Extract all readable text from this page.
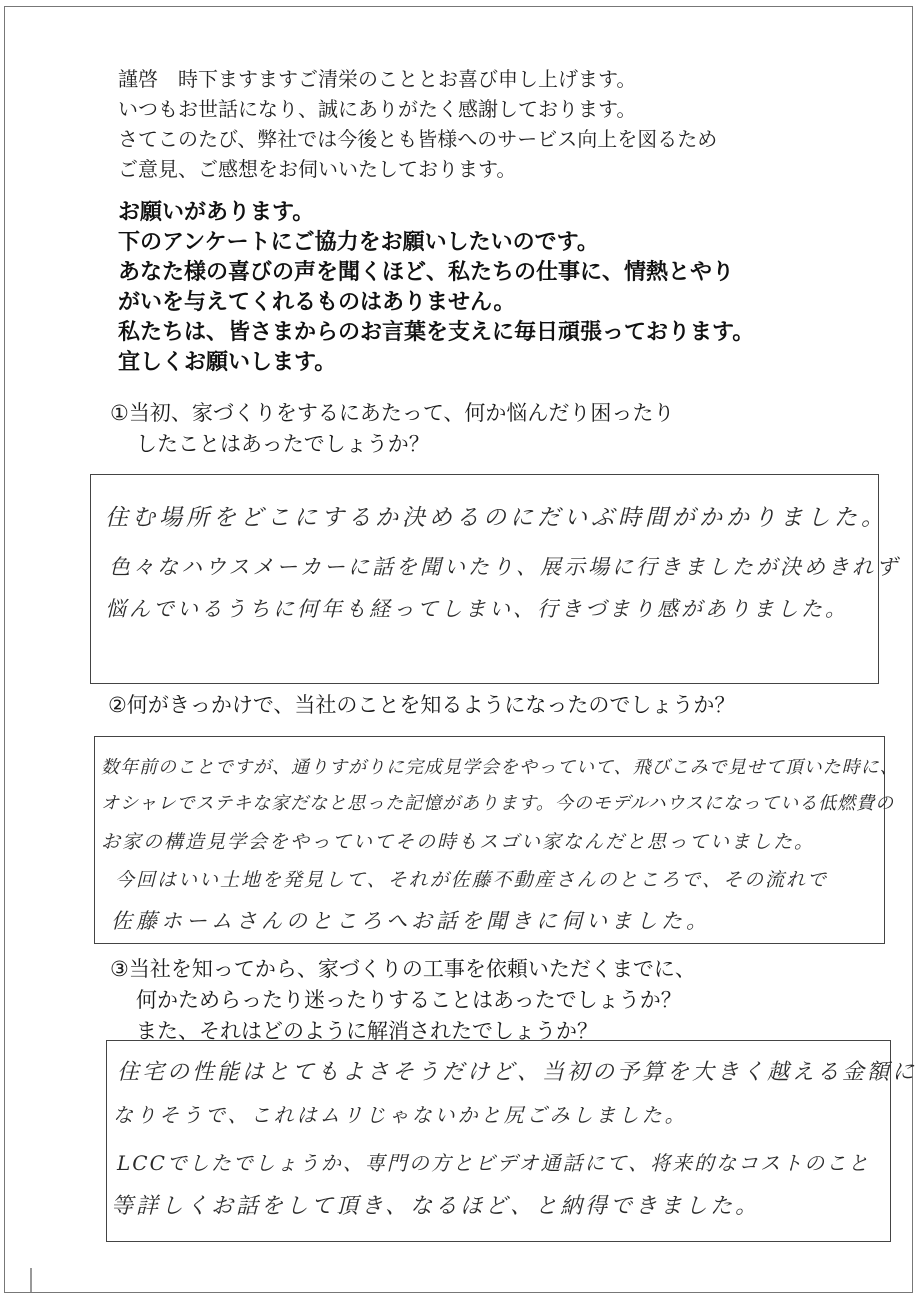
謹啓　時下ますますご清栄のこととお喜び申し上げます。
いつもお世話になり、誠にありがたく感謝しております。
さてこのたび、弊社では今後とも皆様へのサービス向上を図るため
ご意見、ご感想をお伺いいたしております。
お願いがあります。
下のアンケートにご協力をお願いしたいのです。
あなた様の喜びの声を聞くほど、私たちの仕事に、情熱とやり
がいを与えてくれるものはありません。
私たちは、皆さまからのお言葉を支えに毎日頑張っております。
宜しくお願いします。
①当初、家づくりをするにあたって、何か悩んだり困ったり
したことはあったでしょうか？
住む場所をどこにするか決めるのにだいぶ時間がかかりました。
色々なハウスメーカーに話を聞いたり、展示場に行きましたが決めきれず
悩んでいるうちに何年も経ってしまい、行きづまり感がありました。
②何がきっかけで、当社のことを知るようになったのでしょうか？
数年前のことですが、通りすがりに完成見学会をやっていて、飛びこみで見せて頂いた時に、
オシャレでステキな家だなと思った記憶があります。今のモデルハウスになっている低燃費の
お家の構造見学会をやっていてその時もスゴい家なんだと思っていました。
今回はいい土地を発見して、それが佐藤不動産さんのところで、その流れで
佐藤ホームさんのところへお話を聞きに伺いました。
③当社を知ってから、家づくりの工事を依頼いただくまでに、
何かためらったり迷ったりすることはあったでしょうか？
また、それはどのように解消されたでしょうか？
住宅の性能はとてもよさそうだけど、当初の予算を大きく越える金額に
なりそうで、これはムリじゃないかと尻ごみしました。
LCCでしたでしょうか、専門の方とビデオ通話にて、将来的なコストのこと
等詳しくお話をして頂き、なるほど、と納得できました。
